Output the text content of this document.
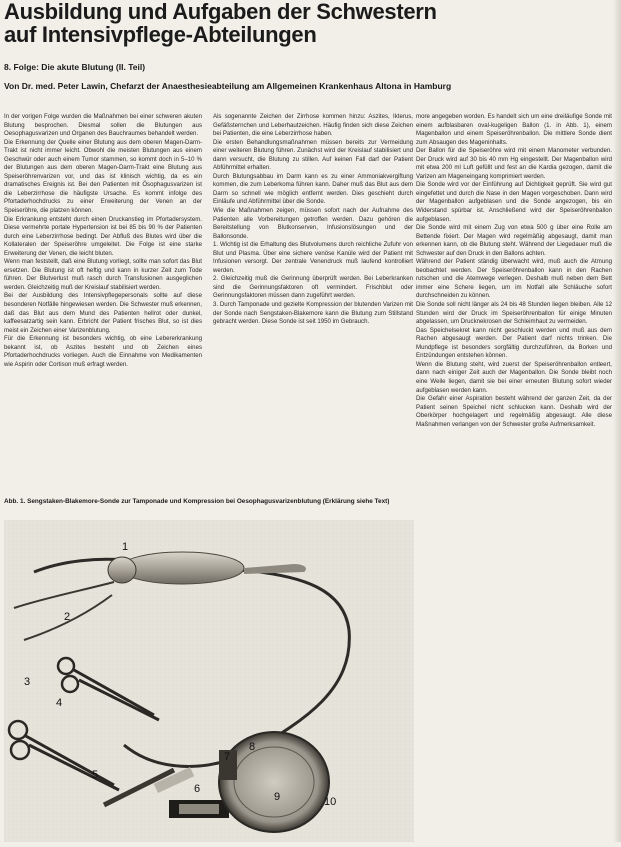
Ausbildung und Aufgaben der Schwestern
auf Intensivpflege-Abteilungen
8. Folge: Die akute Blutung (II. Teil)
Von Dr. med. Peter Lawin, Chefarzt der Anaesthesieabteilung am Allgemeinen Krankenhaus Altona in Hamburg

In der vorigen Folge wurden die Maßnahmen bei einer schweren akuten Blutung besprochen. Diesmal sollen die Blutungen aus Oesophagusvarizen und Organen des Bauchraumes behandelt werden.

Die Erkennung der Quelle einer Blutung aus dem oberen Magen-Darm-Trakt ist nicht immer leicht. Obwohl die meisten Blutungen aus einem Geschwür oder auch einem Tumor stammen, so kommt doch in 5–10 % der Blutungen aus dem oberen Magen-Darm-Trakt eine Blutung aus Speiseröhrenvarizen vor, und das ist klinisch wichtig, da es ein dramatisches Ereignis ist. Bei den Patienten mit Ösophagusvarizen ist die Leberzirrhose die häufigste Ursache. Es kommt infolge des Pfortaderhochdrucks zu einer Erweiterung der Venen an der Speiseröhre, die platzen können.

Die Erkrankung entsteht durch einen Druckanstieg im Pfortadersystem. Diese vermehrte portale Hypertension ist bei 85 bis 90 % der Patienten durch eine Leberzirrhose bedingt. Der Abfluß des Blutes wird über die Kollateralen der Speiseröhre umgeleitet. Die Folge ist eine starke Erweiterung der Venen, die leicht bluten.

Wenn man feststellt, daß eine Blutung vorliegt, sollte man sofort das Blut ersetzen. Die Blutung ist oft heftig und kann in kurzer Zeit zum Tode führen. Der Blutverlust muß rasch durch Transfusionen ausgeglichen werden. Gleichzeitig muß der Kreislauf stabilisiert werden.

Bei der Ausbildung des Intensivpflegepersonals sollte auf diese besonderen Notfälle hingewiesen werden. Die Schwester muß erkennen, daß das Blut aus dem Mund des Patienten hellrot oder dunkel, kaffeesatzartig sein kann. Erbricht der Patient frisches Blut, so ist dies meist ein Zeichen einer Varizenblutung.

Für die Erkennung ist besonders wichtig, ob eine Lebererkrankung bekannt ist, ob Aszites besteht und ob Zeichen eines Pfortaderhochdrucks vorliegen. Auch die Einnahme von Medikamenten wie Aspirin oder Cortison muß erfragt werden.

Als sogenannte Zeichen der Zirrhose kommen hinzu: Aszites, Ikterus, Gefäßsternchen und Leberhautzeichen. Häufig finden sich diese Zeichen bei Patienten, die eine Leberzirrhose haben.

Die ersten Behandlungsmaßnahmen müssen bereits zur Vermeidung einer weiteren Blutung führen. Zunächst wird der Kreislauf stabilisiert und dann versucht, die Blutung zu stillen. Auf keinen Fall darf der Patient Abführmittel erhalten.

Durch Blutungsabbau im Darm kann es zu einer Ammoniakvergiftung kommen, die zum Leberkoma führen kann. Daher muß das Blut aus dem Darm so schnell wie möglich entfernt werden. Dies geschieht durch Einläufe und Abführmittel über die Sonde.

Wie die Maßnahmen zeigen, müssen sofort nach der Aufnahme des Patienten alle Vorbereitungen getroffen werden. Dazu gehören die Bereitstellung von Blutkonserven, Infusionslösungen und der Ballonsonde.

1. Wichtig ist die Erhaltung des Blutvolumens durch reichliche Zufuhr von Blut und Plasma. Über eine sichere venöse Kanüle wird der Patient mit Infusionen versorgt. Der zentrale Venendruck muß laufend kontrolliert werden.

2. Gleichzeitig muß die Gerinnung überprüft werden. Bei Leberkranken sind die Gerinnungsfaktoren oft vermindert. Frischblut oder Gerinnungsfaktoren müssen dann zugeführt werden.

3. Durch Tamponade und gezielte Kompression der blutenden Varizen mit der Sonde nach Sengstaken-Blakemore kann die Blutung zum Stillstand gebracht werden. Diese Sonde ist seit 1950 im Gebrauch.

more angegeben worden. Es handelt sich um eine dreiläufige Sonde mit einem aufblasbaren oval-kugeligen Ballon (1. in Abb. 1), einem Magenballon und einem Speiseröhrenballon. Die mittlere Sonde dient zum Absaugen des Mageninhalts.

Der Ballon für die Speiseröhre wird mit einem Manometer verbunden. Der Druck wird auf 30 bis 40 mm Hg eingestellt. Der Magenballon wird mit etwa 200 ml Luft gefüllt und fest an die Kardia gezogen, damit die Varizen am Mageneingang komprimiert werden.

Die Sonde wird vor der Einführung auf Dichtigkeit geprüft. Sie wird gut eingefettet und durch die Nase in den Magen vorgeschoben. Dann wird der Magenballon aufgeblasen und die Sonde angezogen, bis ein Widerstand spürbar ist. Anschließend wird der Speiseröhrenballon aufgeblasen.

Die Sonde wird mit einem Zug von etwa 500 g über eine Rolle am Bettende fixiert. Der Magen wird regelmäßig abgesaugt, damit man erkennen kann, ob die Blutung steht. Während der Liegedauer muß die Schwester auf den Druck in den Ballons achten.

Während der Patient ständig überwacht wird, muß auch die Atmung beobachtet werden. Der Speiseröhrenballon kann in den Rachen rutschen und die Atemwege verlegen. Deshalb muß neben dem Bett immer eine Schere liegen, um im Notfall alle Schläuche sofort durchschneiden zu können.

Die Sonde soll nicht länger als 24 bis 48 Stunden liegen bleiben. Alle 12 Stunden wird der Druck im Speiseröhrenballon für einige Minuten abgelassen, um Drucknekrosen der Schleimhaut zu vermeiden.

Das Speichelsekret kann nicht geschluckt werden und muß aus dem Rachen abgesaugt werden. Der Patient darf nichts trinken. Die Mundpflege ist besonders sorgfältig durchzuführen, da Borken und Entzündungen entstehen können.

Wenn die Blutung steht, wird zuerst der Speiseröhrenballon entleert, dann nach einiger Zeit auch der Magenballon. Die Sonde bleibt noch eine Weile liegen, damit sie bei einer erneuten Blutung sofort wieder aufgeblasen werden kann.

Die Gefahr einer Aspiration besteht während der ganzen Zeit, da der Patient seinen Speichel nicht schlucken kann. Deshalb wird der Oberkörper hochgelagert und regelmäßig abgesaugt. Alle diese Maßnahmen verlangen von der Schwester große Aufmerksamkeit.

Abb. 1. Sengstaken-Blakemore-Sonde zur Tamponade und Kompression bei Oesophagusvarizenblutung (Erklärung siehe Text)
1
2
3
4
5
6
7
8
9	10
